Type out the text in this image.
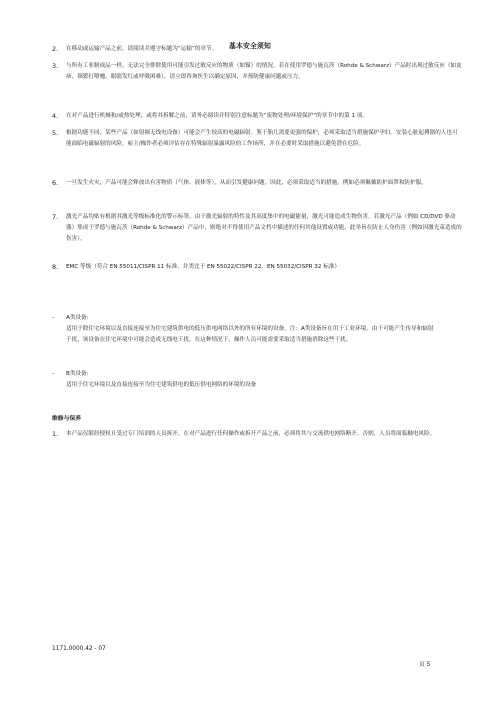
基本安全须知
2.	在移动或运输产品之前，请阅读并遵守标题为“运输”的章节。
3.	与所有工业制成品一样，无法完全排除使用可能引发过敏反应的物质（如镍）的情况。若在使用罗德与施瓦茨（Rohde & Schwarz）产品时出现过敏反应（如皮疹、频繁打喷嚏、眼睛发红或呼吸困难），请立即咨询医生以确定原因，并预防健康问题或压力。
4.	在对产品进行机械和/或热处理，或将其拆解之前，请务必阅读并特别注意标题为“废物处理/环境保护”的章节中的第 1 项。
5.	根据功能不同，某些产品（如射频无线电设备）可能会产生较高的电磁辐射。鉴于胎儿需要更强的保护，必须采取适当措施保护孕妇。安装心脏起搏器的人也可能面临电磁辐射的风险。雇主/操作者必须评估存在特殊辐射暴露风险的工作场所，并在必要时采取措施以避免潜在危险。
6.	一旦发生火灾，产品可能会释放出有害物质（气体、液体等），从而引发健康问题。因此，必须采取适当的措施，例如必须佩戴防护面罩和防护服。
7.	激光产品均贴有根据其激光等级标准化的警示标签。由于激光辐射的特性及其高度集中的电磁能量，激光可能造成生物伤害。若激光产品（例如 CD/DVD 驱动器）集成于罗德与施瓦茨（Rohde & Schwarz）产品中，则绝对不得使用产品文档中描述的任何其他设置或功能。此举旨在防止人身伤害（例如因激光束造成的伤害）。
8.	EMC 等级（符合 EN 55011/CISPR 11 标准，并类比于 EN 55022/CISPR 22、EN 55032/CISPR 32 标准）
– A类设备:
适用于除住宅环境以及直接连接至为住宅建筑供电的低压供电网络以外的所有环境的设备。注：A类设备旨在用于工业环境。由于可能产生传导和辐射干扰，该设备在住宅环境中可能会造成无线电干扰。在这种情况下，操作人员可能需要采取适当措施消除这些干扰。
– B类设备:
适用于住宅环境以及直接连接至为住宅建筑供电的低压供电网络的环境的设备
维修与保养
1.	本产品仅限经授权且受过专门培训的人员拆开。在对产品进行任何操作或拆开产品之前，必须将其与交流供电网络断开。否则，人员将面临触电风险。
1171.0000.42 - 07
页 5
